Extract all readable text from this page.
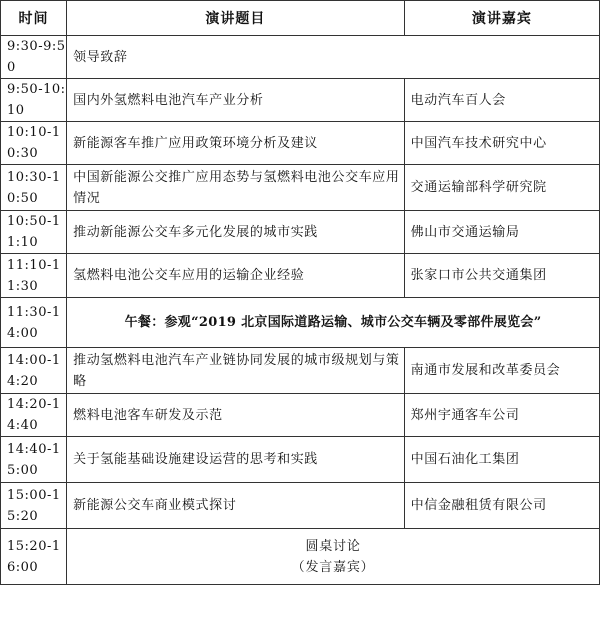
时间	演讲题目	演讲嘉宾
9:30-9:50	领导致辞	
9:50-10:10	国内外氢燃料电池汽车产业分析	电动汽车百人会
10:10-10:30	新能源客车推广应用政策环境分析及建议	中国汽车技术研究中心
10:30-10:50	中国新能源公交推广应用态势与氢燃料电池公交车应用情况	交通运输部科学研究院
10:50-11:10	推动新能源公交车多元化发展的城市实践	佛山市交通运输局
11:10-11:30	氢燃料电池公交车应用的运输企业经验	张家口市公共交通集团
11:30-14:00	午餐：参观“2019 北京国际道路运输、城市公交车辆及零部件展览会”	
14:00-14:20	推动氢燃料电池汽车产业链协同发展的城市级规划与策略	南通市发展和改革委员会
14:20-14:40	燃料电池客车研发及示范	郑州宇通客车公司
14:40-15:00	关于氢能基础设施建设运营的思考和实践	中国石油化工集团
15:00-15:20	新能源公交车商业模式探讨	中信金融租赁有限公司
15:20-16:00	圆桌讨论
（发言嘉宾）	
